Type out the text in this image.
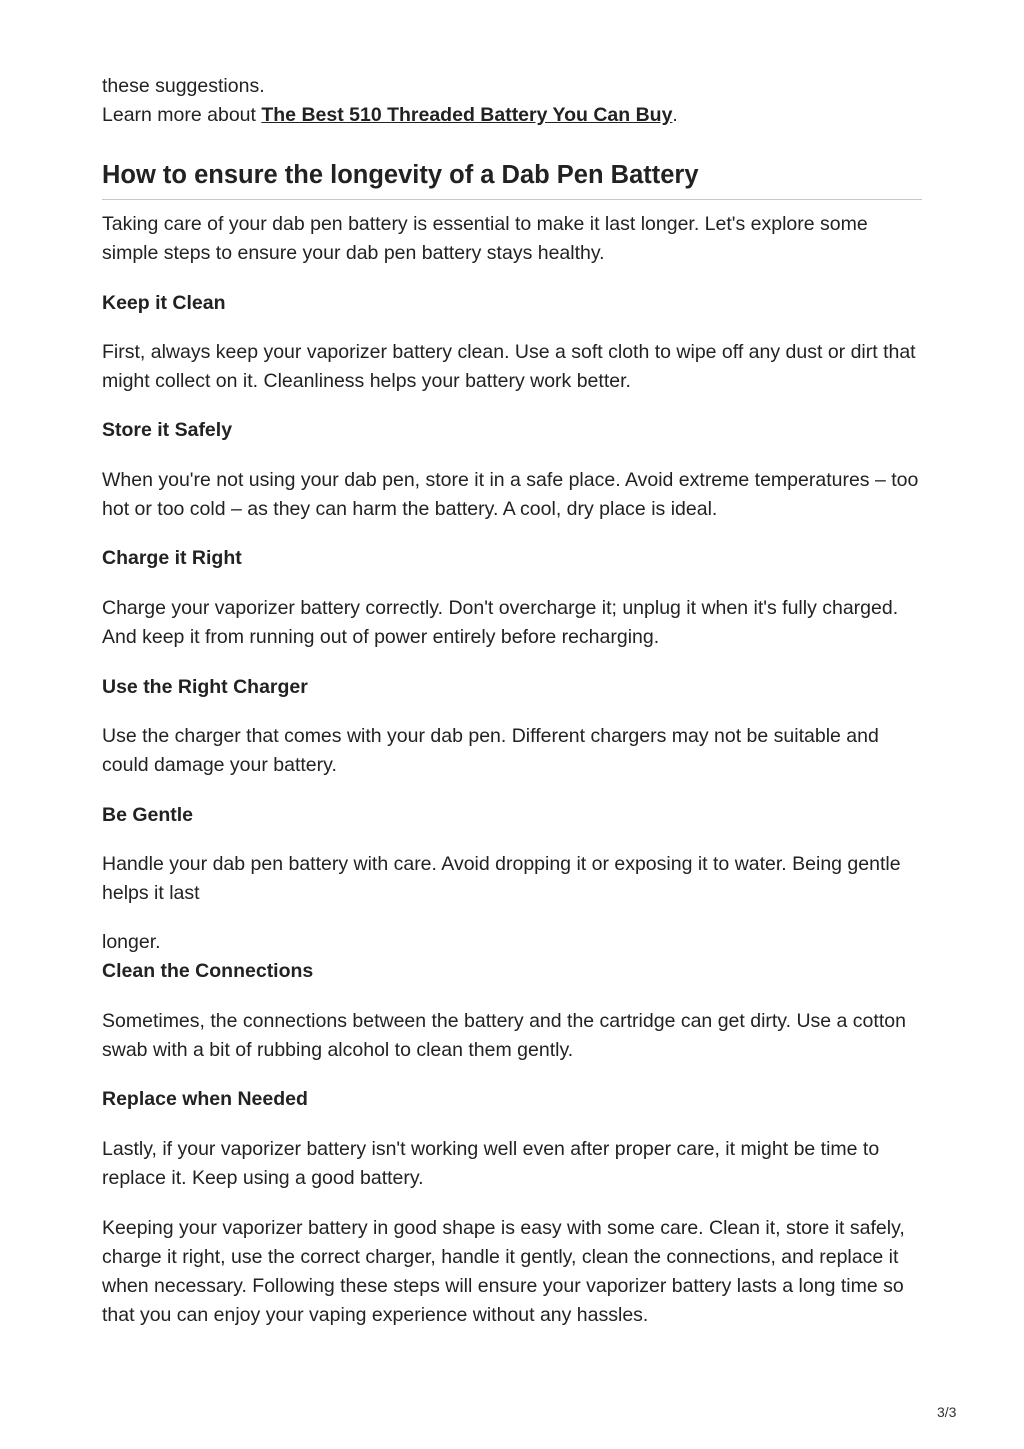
these suggestions.

Learn more about The Best 510 Threaded Battery You Can Buy.

How to ensure the longevity of a Dab Pen Battery

Taking care of your dab pen battery is essential to make it last longer. Let's explore some simple steps to ensure your dab pen battery stays healthy.

Keep it Clean

First, always keep your vaporizer battery clean. Use a soft cloth to wipe off any dust or dirt that might collect on it. Cleanliness helps your battery work better.

Store it Safely

When you're not using your dab pen, store it in a safe place. Avoid extreme temperatures – too hot or too cold – as they can harm the battery. A cool, dry place is ideal.

Charge it Right

Charge your vaporizer battery correctly. Don't overcharge it; unplug it when it's fully charged. And keep it from running out of power entirely before recharging.

Use the Right Charger

Use the charger that comes with your dab pen. Different chargers may not be suitable and could damage your battery.

Be Gentle

Handle your dab pen battery with care. Avoid dropping it or exposing it to water. Being gentle helps it last

longer.

Clean the Connections

Sometimes, the connections between the battery and the cartridge can get dirty. Use a cotton swab with a bit of rubbing alcohol to clean them gently.

Replace when Needed

Lastly, if your vaporizer battery isn't working well even after proper care, it might be time to replace it. Keep using a good battery.

Keeping your vaporizer battery in good shape is easy with some care. Clean it, store it safely, charge it right, use the correct charger, handle it gently, clean the connections, and replace it when necessary. Following these steps will ensure your vaporizer battery lasts a long time so that you can enjoy your vaping experience without any hassles.

3/3
